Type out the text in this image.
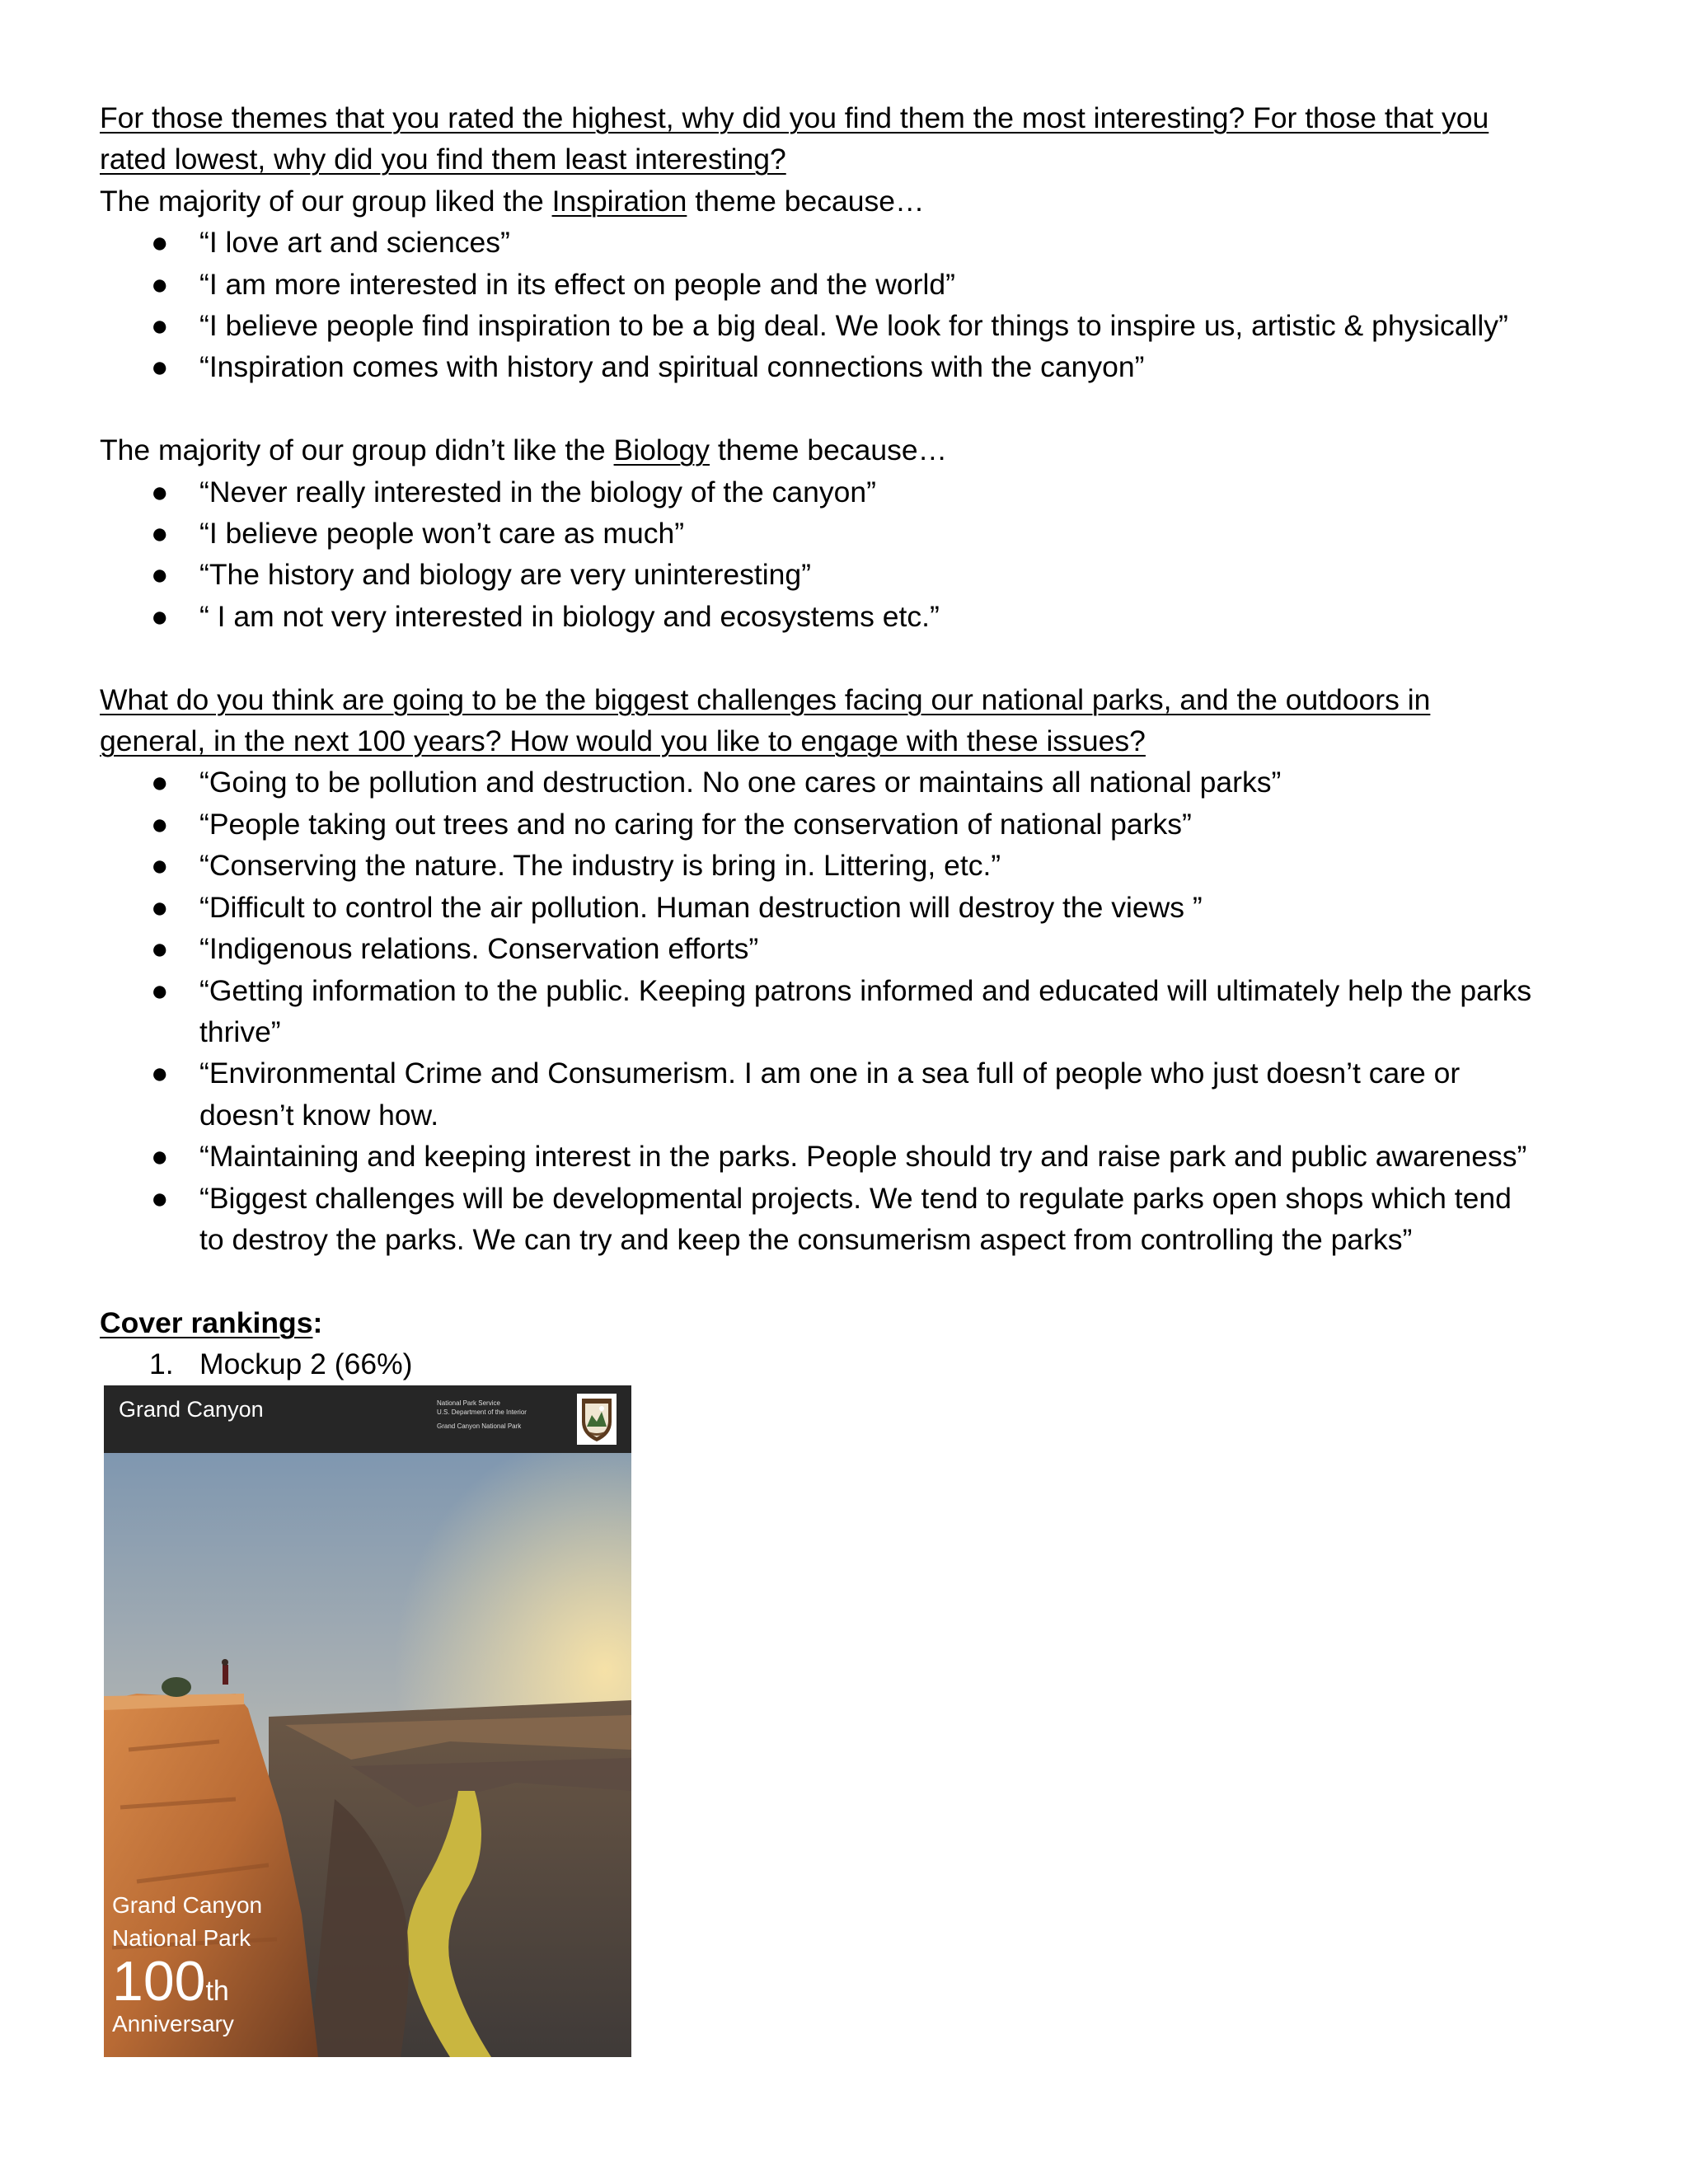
For those themes that you rated the highest, why did you find them the most interesting? For those that you

rated lowest, why did you find them least interesting?

The majority of our group liked the Inspiration theme because…

● “I love art and sciences”
● “I am more interested in its effect on people and the world”
● “I believe people find inspiration to be a big deal. We look for things to inspire us, artistic & physically”
● “Inspiration comes with history and spiritual connections with the canyon”

The majority of our group didn’t like the Biology theme because…

● “Never really interested in the biology of the canyon”
● “I believe people won’t care as much”
● “The history and biology are very uninteresting”
● “ I am not very interested in biology and ecosystems etc.”

What do you think are going to be the biggest challenges facing our national parks, and the outdoors in

general, in the next 100 years? How would you like to engage with these issues?

● “Going to be pollution and destruction. No one cares or maintains all national parks”
● “People taking out trees and no caring for the conservation of national parks”
● “Conserving the nature. The industry is bring in. Littering, etc.”
● “Difficult to control the air pollution. Human destruction will destroy the views ”
● “Indigenous relations. Conservation efforts”
● “Getting information to the public. Keeping patrons informed and educated will ultimately help the parks
thrive”
● “Environmental Crime and Consumerism. I am one in a sea full of people who just doesn’t care or
doesn’t know how.
● “Maintaining and keeping interest in the parks. People should try and raise park and public awareness”
● “Biggest challenges will be developmental projects. We tend to regulate parks open shops which tend
to destroy the parks. We can try and keep the consumerism aspect from controlling the parks”

Cover rankings:

1. Mockup 2 (66%)
Grand Canyon	National Park Service
U.S. Department of the Interior
Grand Canyon National Park
Grand Canyon
National Park
100th
Anniversary
